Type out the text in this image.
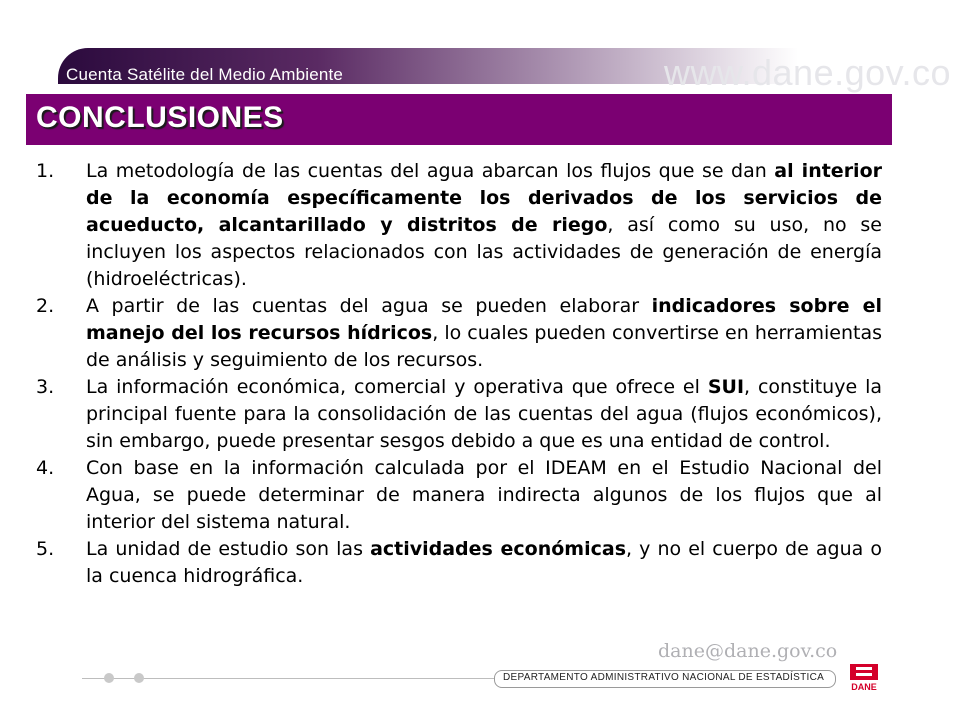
Cuenta Satélite del Medio Ambiente	www.dane.gov.co
CONCLUSIONES
1.	La metodología de las cuentas del agua abarcan los flujos que se dan al interior de la economía específicamente los derivados de los servicios de acueducto, alcantarillado y distritos de riego, así como su uso, no se incluyen los aspectos relacionados con las actividades de generación de energía (hidroeléctricas).
2.	A partir de las cuentas del agua se pueden elaborar indicadores sobre el manejo del los recursos hídricos, lo cuales pueden convertirse en herramientas de análisis y seguimiento de los recursos.
3.	La información económica, comercial y operativa que ofrece el SUI, constituye la principal fuente para la consolidación de las cuentas del agua (flujos económicos), sin embargo, puede presentar sesgos debido a que es una entidad de control.
4.	Con base en la información calculada por el IDEAM en el Estudio Nacional del Agua, se puede determinar de manera indirecta algunos de los flujos que al interior del sistema natural.
5.	La unidad de estudio son las actividades económicas, y no el cuerpo de agua o la cuenca hidrográfica.
dane@dane.gov.co
DEPARTAMENTO ADMINISTRATIVO NACIONAL DE ESTADÍSTICA
DANE
